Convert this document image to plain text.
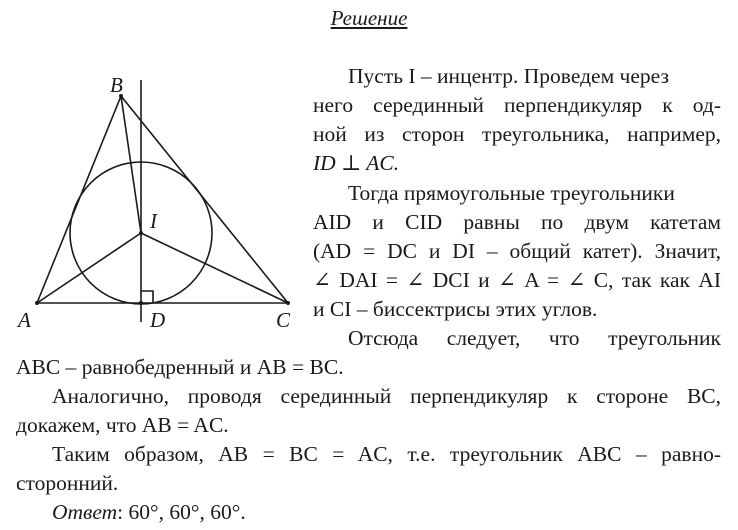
Решение
B
A	C
D
I
Пусть I – инцентр. Проведем через
него серединный перпендикуляр к од-
ной из сторон треугольника, например,
ID ⊥ AC.
Тогда прямоугольные треугольники
AID и CID равны по двум катетам
(AD = DC и DI – общий катет). Значит,
∠ DAI = ∠ DCI и ∠ A = ∠ C, так как AI
и CI – биссектрисы этих углов.
Отсюда следует, что треугольник
ABC – равнобедренный и AB = BC.
Аналогично, проводя серединный перпендикуляр к стороне BC,
докажем, что AB = AC.
Таким образом, AB = BC = AC, т.е. треугольник ABC – равно-
сторонний.
Ответ: 60°, 60°, 60°.
